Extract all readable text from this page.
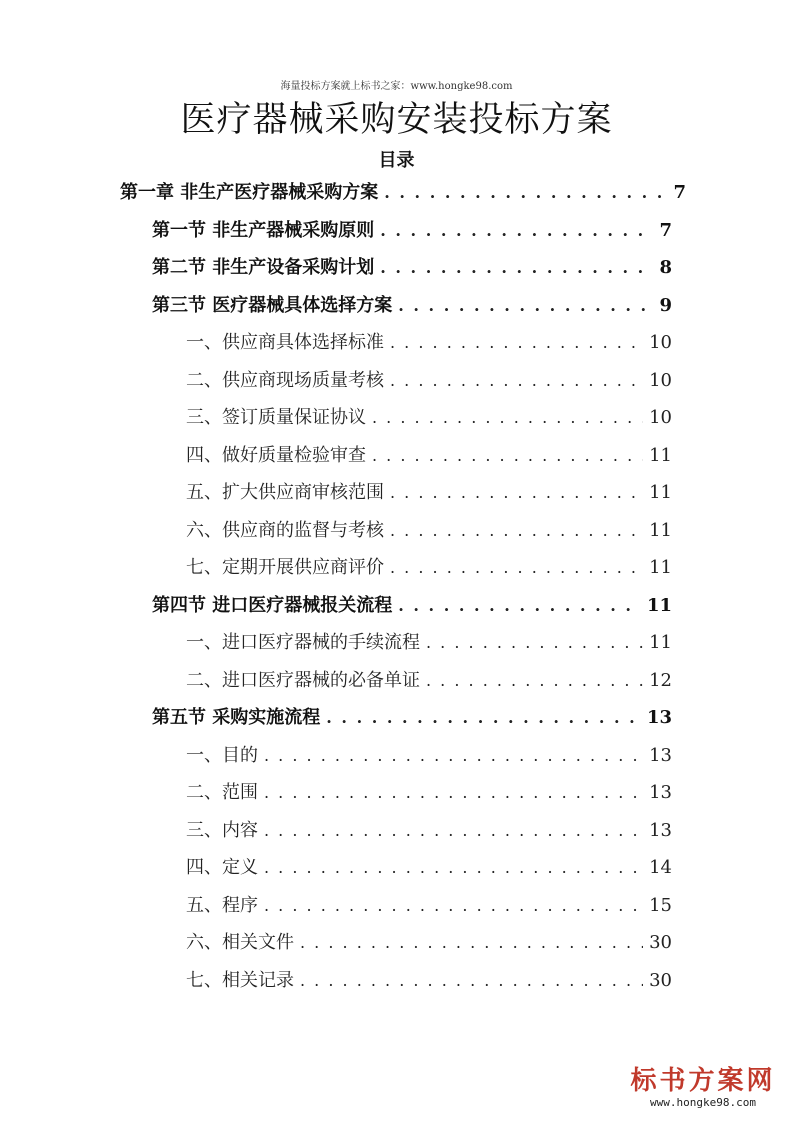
海量投标方案就上标书之家：www.hongke98.com
医疗器械采购安装投标方案
目录
第一章 非生产医疗器械采购方案 . . .	7
第一节 非生产器械采购原则 . . .	7
第二节 非生产设备采购计划 . . .	8
第三节 医疗器械具体选择方案 . . .	9
一、供应商具体选择标准 . . .	10
二、供应商现场质量考核 . . .	10
三、签订质量保证协议 . . .	10
四、做好质量检验审查 . . .	11
五、扩大供应商审核范围 . . .	11
六、供应商的监督与考核 . . .	11
七、定期开展供应商评价 . . .	11
第四节 进口医疗器械报关流程 . . .	11
一、进口医疗器械的手续流程 . . .	11
二、进口医疗器械的必备单证 . . .	12
第五节 采购实施流程 . . .	13
一、目的 . . .	13
二、范围 . . .	13
三、内容 . . .	13
四、定义 . . .	14
五、程序 . . .	15
六、相关文件 . . .	30
七、相关记录 . . .	30
标书方案网
www.hongke98.com
